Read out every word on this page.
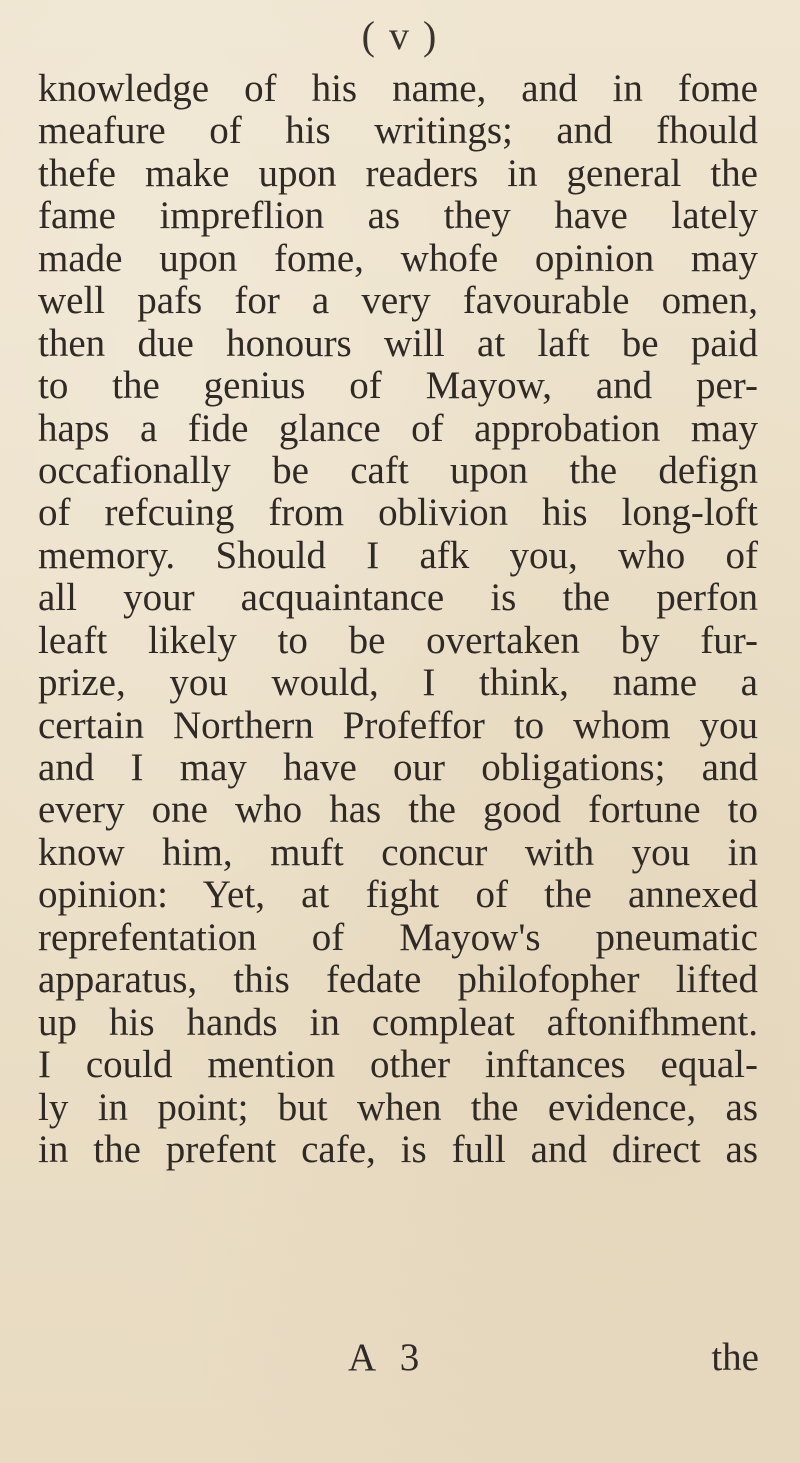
( v )
knowledge of his name, and in fome
meafure of his writings; and fhould
thefe make upon readers in general the
fame impreflion as they have lately
made upon fome, whofe opinion may
well pafs for a very favourable omen,
then due honours will at laft be paid
to the genius of Mayow, and per-
haps a fide glance of approbation may
occafionally be caft upon the defign
of refcuing from oblivion his long-loft
memory. Should I afk you, who of
all your acquaintance is the perfon
leaft likely to be overtaken by fur-
prize, you would, I think, name a
certain Northern Profeffor to whom you
and I may have our obligations; and
every one who has the good fortune to
know him, muft concur with you in
opinion: Yet, at fight of the annexed
reprefentation of Mayow's pneumatic
apparatus, this fedate philofopher lifted
up his hands in compleat aftonifhment.
I could mention other inftances equal-
ly in point; but when the evidence, as
in the prefent cafe, is full and direct as
A 3	the
